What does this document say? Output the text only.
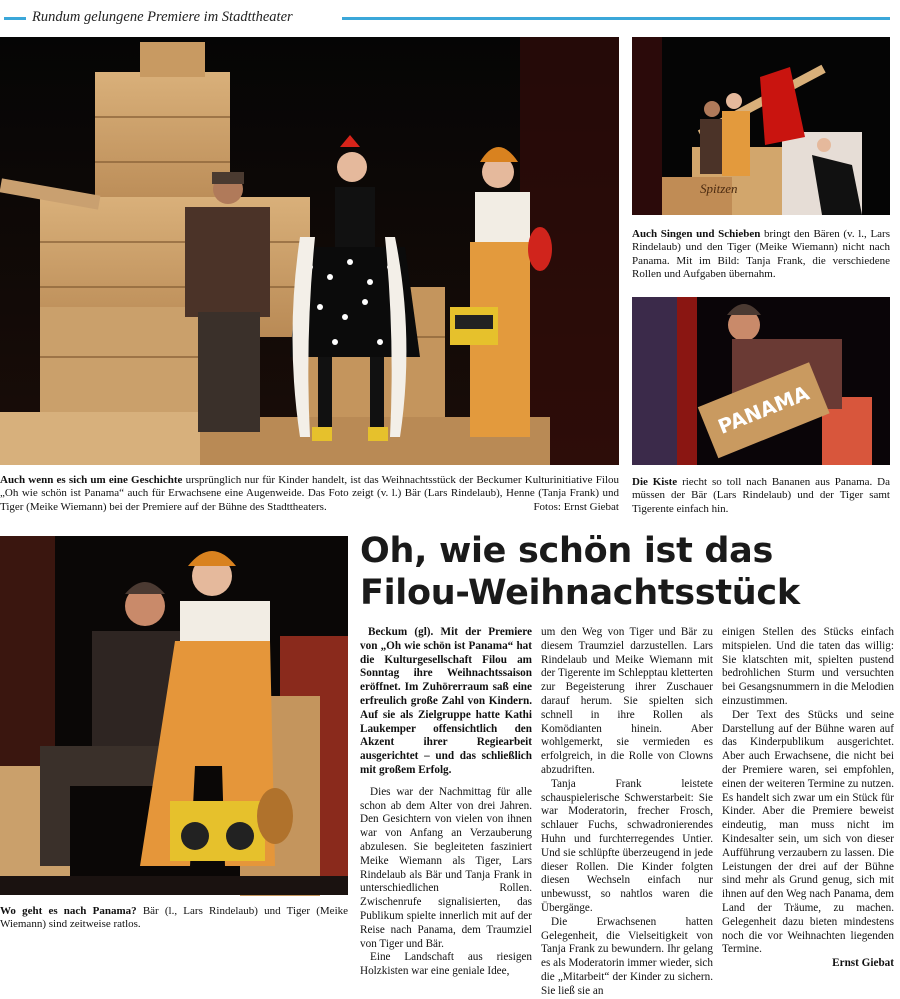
Rundum gelungene Premiere im Stadttheater
Auch wenn es sich um eine Geschichte ursprünglich nur für Kinder handelt, ist das Weihnachtsstück der Beckumer Kulturinitiative Filou „Oh wie schön ist Panama“ auch für Erwachsene eine Augenweide. Das Foto zeigt (v. l.) Bär (Lars Rindelaub), Henne (Tanja Frank) und Tiger (Meike Wiemann) bei der Premiere auf der Bühne des Stadttheaters.	Fotos: Ernst Giebat
Spitzen
Auch Singen und Schieben bringt den Bären (v. l., Lars Rindelaub) und den Tiger (Meike Wiemann) nicht nach Panama. Mit im Bild: Tanja Frank, die verschiedene Rollen und Aufgaben übernahm.
PANAMA
Die Kiste riecht so toll nach Bananen aus Panama. Da müssen der Bär (Lars Rindelaub) und der Tiger samt Tigerente einfach hin.
Wo geht es nach Panama? Bär (l., Lars Rindelaub) und Tiger (Meike Wiemann) sind zeitweise ratlos.
Oh, wie schön ist das
Filou-Weihnachtsstück

Beckum (gl). Mit der Premiere von „Oh wie schön ist Panama“ hat die Kulturgesellschaft Filou am Sonntag ihre Weihnachtssaison eröffnet. Im Zuhörerraum saß eine erfreulich große Zahl von Kindern. Auf sie als Zielgruppe hatte Kathi Laukemper offensichtlich den Akzent ihrer Regiearbeit ausgerichtet – und das schließlich mit großem Erfolg.

Dies war der Nachmittag für alle schon ab dem Alter von drei Jahren. Den Gesichtern von vielen von ihnen war von Anfang an Verzauberung abzulesen. Sie begleiteten fasziniert Meike Wiemann als Tiger, Lars Rindelaub als Bär und Tanja Frank in unterschiedlichen Rollen. Zwischenrufe signalisierten, das Publikum spielte innerlich mit auf der Reise nach Panama, dem Traumziel von Tiger und Bär.

Eine Landschaft aus riesigen Holzkisten war eine geniale Idee,

um den Weg von Tiger und Bär zu diesem Traumziel darzustellen. Lars Rindelaub und Meike Wiemann mit der Tigerente im Schlepptau kletterten zur Begeisterung ihrer Zuschauer darauf herum. Sie spielten sich schnell in ihre Rollen als Komödianten hinein. Aber wohlgemerkt, sie vermieden es erfolgreich, in die Rolle von Clowns abzudriften.

Tanja Frank leistete schauspielerische Schwerstarbeit: Sie war Moderatorin, frecher Frosch, schlauer Fuchs, schwadronierendes Huhn und furchterregendes Untier. Und sie schlüpfte überzeugend in jede dieser Rollen. Die Kinder folgten diesen Wechseln einfach nur unbewusst, so nahtlos waren die Übergänge.

Die Erwachsenen hatten Gelegenheit, die Vielseitigkeit von Tanja Frank zu bewundern. Ihr gelang es als Moderatorin immer wieder, sich die „Mitarbeit“ der Kinder zu sichern. Sie ließ sie an

einigen Stellen des Stücks einfach mitspielen. Und die taten das willig: Sie klatschten mit, spielten pustend bedrohlichen Sturm und versuchten bei Gesangsnummern in die Melodien einzustimmen.

Der Text des Stücks und seine Darstellung auf der Bühne waren auf das Kinderpublikum ausgerichtet. Aber auch Erwachsene, die nicht bei der Premiere waren, sei empfohlen, einen der weiteren Termine zu nutzen. Es handelt sich zwar um ein Stück für Kinder. Aber die Premiere beweist eindeutig, man muss nicht im Kindesalter sein, um sich von dieser Aufführung verzaubern zu lassen. Die Leistungen der drei auf der Bühne sind mehr als Grund genug, sich mit ihnen auf den Weg nach Panama, dem Land der Träume, zu machen. Gelegenheit dazu bieten mindestens noch die vor Weihnachten liegenden Termine.

Ernst Giebat
